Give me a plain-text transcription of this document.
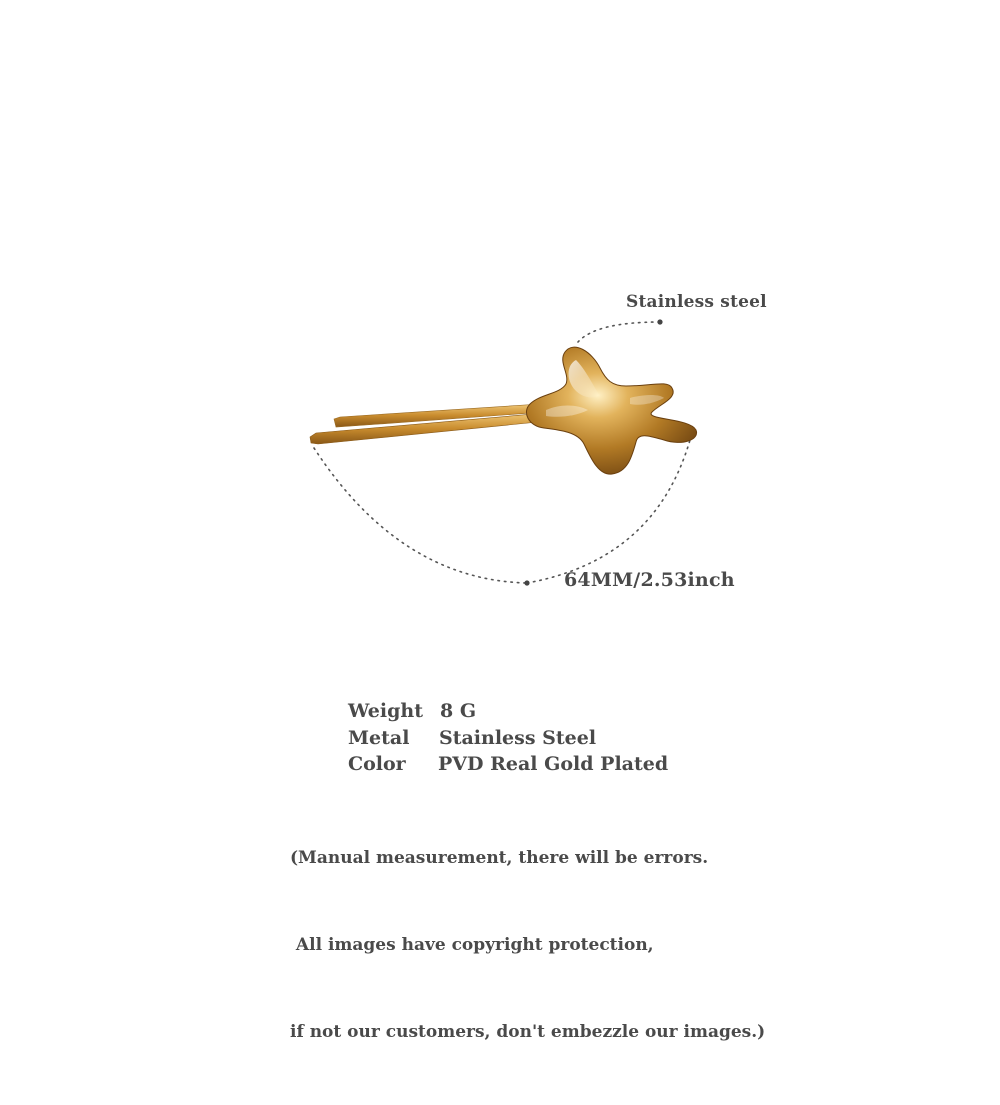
Stainless steel
64MM/2.53inch
Weight 8 G
Metal Stainless Steel
Color PVD Real Gold Plated

(Manual measurement, there will be errors.

All images have copyright protection,

if not our customers, don't embezzle our images.)
